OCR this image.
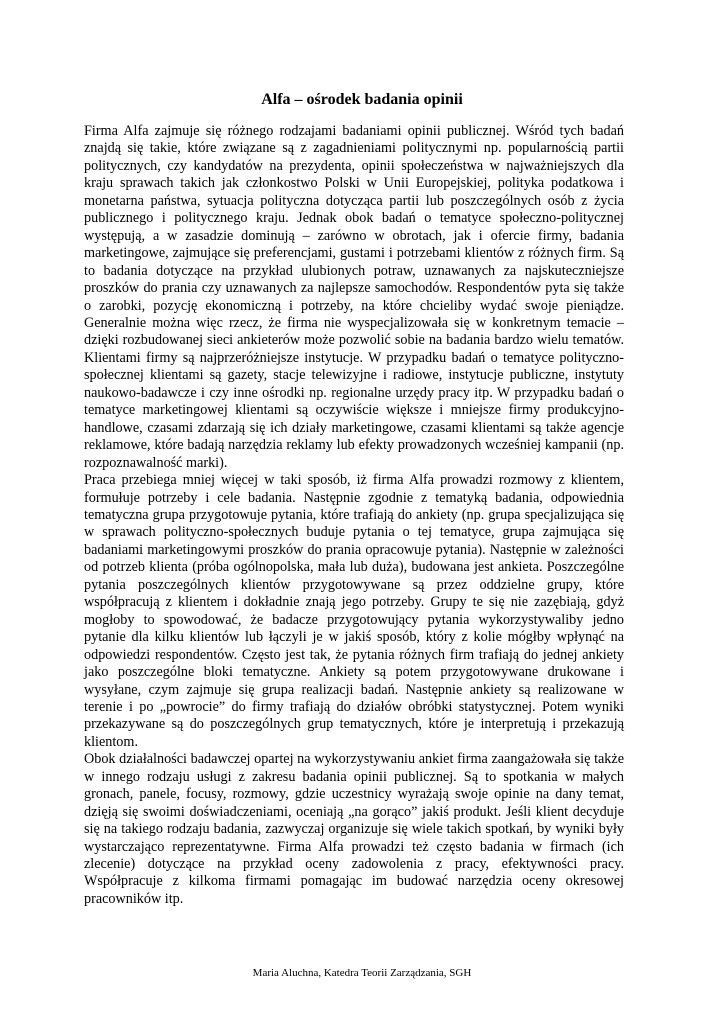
Alfa – ośrodek badania opinii

Firma Alfa zajmuje się różnego rodzajami badaniami opinii publicznej. Wśród tych badań znajdą się takie, które związane są z zagadnieniami politycznymi np. popularnością partii politycznych, czy kandydatów na prezydenta, opinii społeczeństwa w najważniejszych dla kraju sprawach takich jak członkostwo Polski w Unii Europejskiej, polityka podatkowa i monetarna państwa, sytuacja polityczna dotycząca partii lub poszczególnych osób z życia publicznego i politycznego kraju. Jednak obok badań o tematyce społeczno-politycznej występują, a w zasadzie dominują – zarówno w obrotach, jak i ofercie firmy, badania marketingowe, zajmujące się preferencjami, gustami i potrzebami klientów z różnych firm. Są to badania dotyczące na przykład ulubionych potraw, uznawanych za najskuteczniejsze proszków do prania czy uznawanych za najlepsze samochodów. Respondentów pyta się także o zarobki, pozycję ekonomiczną i potrzeby, na które chcieliby wydać swoje pieniądze. Generalnie można więc rzecz, że firma nie wyspecjalizowała się w konkretnym temacie – dzięki rozbudowanej sieci ankieterów może pozwolić sobie na badania bardzo wielu tematów. Klientami firmy są najprzeróżniejsze instytucje. W przypadku badań o tematyce polityczno-społecznej klientami są gazety, stacje telewizyjne i radiowe, instytucje publiczne, instytuty naukowo-badawcze i czy inne ośrodki np. regionalne urzędy pracy itp. W przypadku badań o tematyce marketingowej klientami są oczywiście większe i mniejsze firmy produkcyjno-handlowe, czasami zdarzają się ich działy marketingowe, czasami klientami są także agencje reklamowe, które badają narzędzia reklamy lub efekty prowadzonych wcześniej kampanii (np. rozpoznawalność marki).

Praca przebiega mniej więcej w taki sposób, iż firma Alfa prowadzi rozmowy z klientem, formułuje potrzeby i cele badania. Następnie zgodnie z tematyką badania, odpowiednia tematyczna grupa przygotowuje pytania, które trafiają do ankiety (np. grupa specjalizująca się w sprawach polityczno-społecznych buduje pytania o tej tematyce, grupa zajmująca się badaniami marketingowymi proszków do prania opracowuje pytania). Następnie w zależności od potrzeb klienta (próba ogólnopolska, mała lub duża), budowana jest ankieta. Poszczególne pytania poszczególnych klientów przygotowywane są przez oddzielne grupy, które współpracują z klientem i dokładnie znają jego potrzeby. Grupy te się nie zazębiają, gdyż mogłoby to spowodować, że badacze przygotowujący pytania wykorzystywaliby jedno pytanie dla kilku klientów lub łączyli je w jakiś sposób, który z kolie mógłby wpłynąć na odpowiedzi respondentów. Często jest tak, że pytania różnych firm trafiają do jednej ankiety jako poszczególne bloki tematyczne. Ankiety są potem przygotowywane drukowane i wysyłane, czym zajmuje się grupa realizacji badań. Następnie ankiety są realizowane w terenie i po „powrocie” do firmy trafiają do działów obróbki statystycznej. Potem wyniki przekazywane są do poszczególnych grup tematycznych, które je interpretują i przekazują klientom.

Obok działalności badawczej opartej na wykorzystywaniu ankiet firma zaangażowała się także w innego rodzaju usługi z zakresu badania opinii publicznej. Są to spotkania w małych gronach, panele, focusy, rozmowy, gdzie uczestnicy wyrażają swoje opinie na dany temat, dzięją się swoimi doświadczeniami, oceniają „na gorąco” jakiś produkt. Jeśli klient decyduje się na takiego rodzaju badania, zazwyczaj organizuje się wiele takich spotkań, by wyniki były wystarczająco reprezentatywne. Firma Alfa prowadzi też często badania w firmach (ich zlecenie) dotyczące na przykład oceny zadowolenia z pracy, efektywności pracy. Współpracuje z kilkoma firmami pomagając im budować narzędzia oceny okresowej pracowników itp.

Maria Aluchna, Katedra Teorii Zarządzania, SGH
